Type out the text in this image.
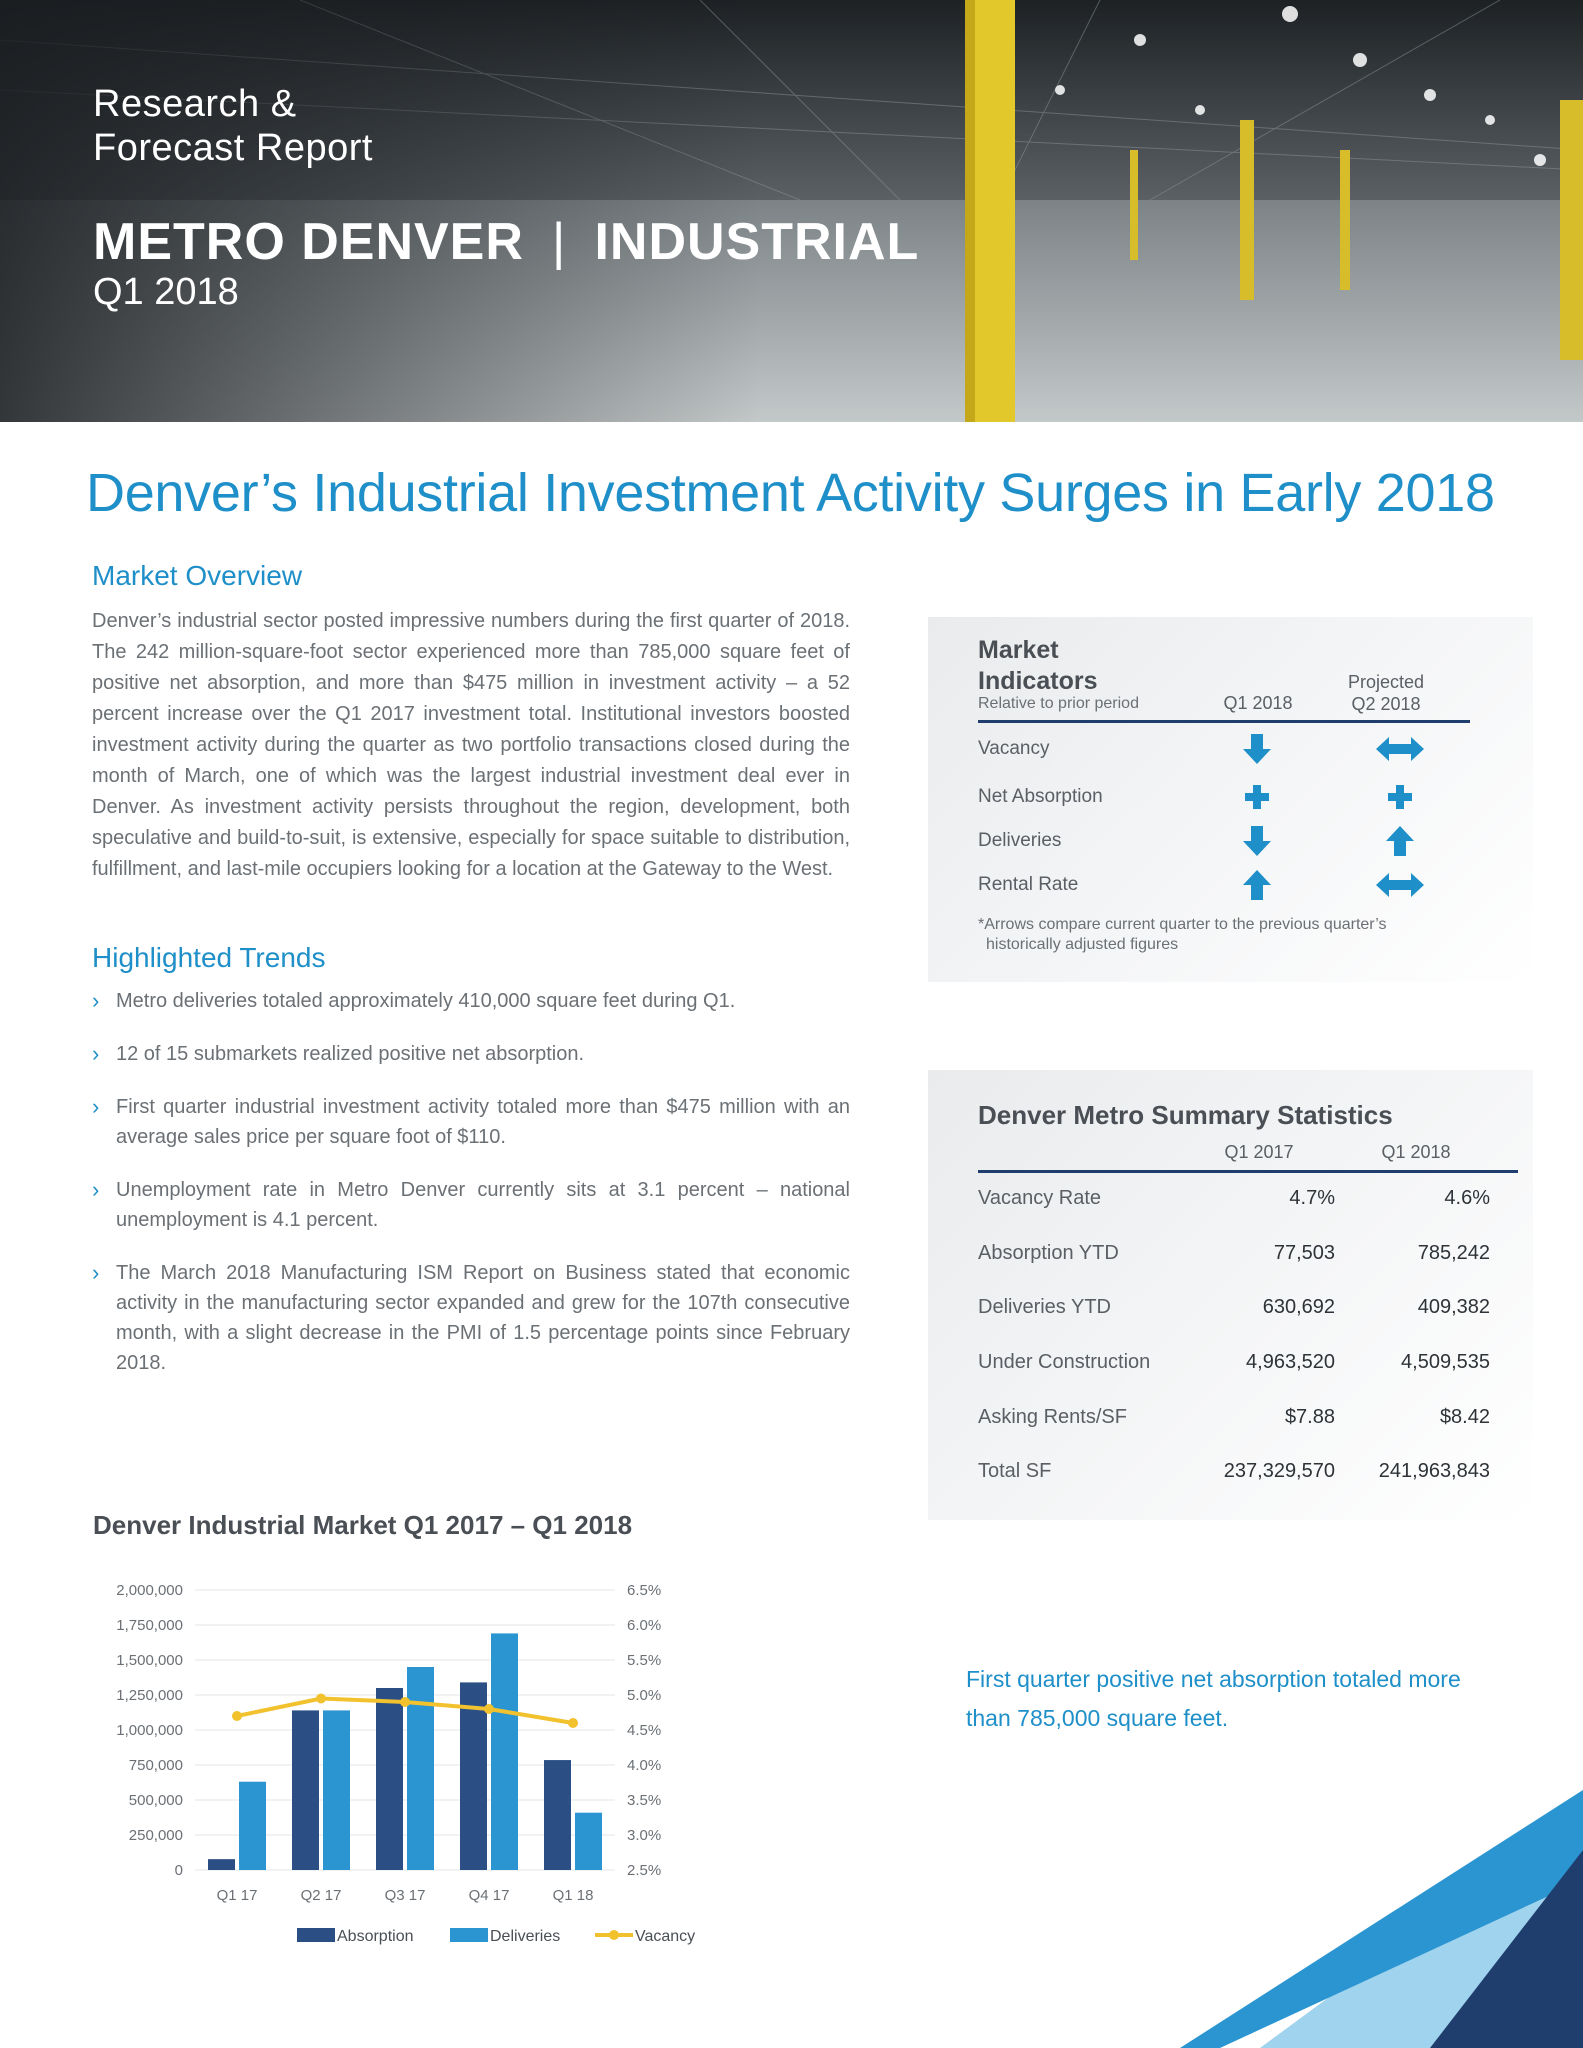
Research &
Forecast Report
METRO DENVER | INDUSTRIAL
Q1 2018
Denver’s Industrial Investment Activity Surges in Early 2018
Market Overview

Denver’s industrial sector posted impressive numbers during the first quarter of 2018. The 242 million-square-foot sector experienced more than 785,000 square feet of positive net absorption, and more than $475 million in investment activity – a 52 percent increase over the Q1 2017 investment total. Institutional investors boosted investment activity during the quarter as two portfolio transactions closed during the month of March, one of which was the largest industrial investment deal ever in Denver. As investment activity persists throughout the region, development, both speculative and build-to-suit, is extensive, especially for space suitable to distribution, fulfillment, and last-mile occupiers looking for a location at the Gateway to the West.

Highlighted Trends
› Metro deliveries totaled approximately 410,000 square feet during Q1.
› 12 of 15 submarkets realized positive net absorption.
› First quarter industrial investment activity totaled more than $475 million with an average sales price per square foot of $110.
› Unemployment rate in Metro Denver currently sits at 3.1 percent – national unemployment is 4.1 percent.
› The March 2018 Manufacturing ISM Report on Business stated that economic activity in the manufacturing sector expanded and grew for the 107th consecutive month, with a slight decrease in the PMI of 1.5 percentage points since February 2018.
Market
Indicators
Relative to prior period	Q1 2018
Projected
Q2 2018
Vacancy
Net Absorption
Deliveries
Rental Rate
*Arrows compare current quarter to the previous quarter’s
historically adjusted figures
Denver Metro Summary Statistics
Q1 2017	Q1 2018
Vacancy Rate	4.7%	4.6%
Absorption YTD	77,503	785,242
Deliveries YTD	630,692	409,382
Under Construction	4,963,520	4,509,535
Asking Rents/SF	$7.88	$8.42
Total SF	237,329,570 241,963,843
First quarter positive net absorption totaled more
than 785,000 square feet.
Denver Industrial Market Q1 2017 – Q1 2018
0	2.5%
250,000	3.0%
500,000	3.5%
750,000	4.0%
1,000,000	4.5%
1,250,000	5.0%
1,500,000	5.5%
1,750,000	6.0%
2,000,000	6.5%
Q1 17	Q2 17	Q3 17	Q4 17	Q1 18
Absorption	Deliveries	Vacancy
